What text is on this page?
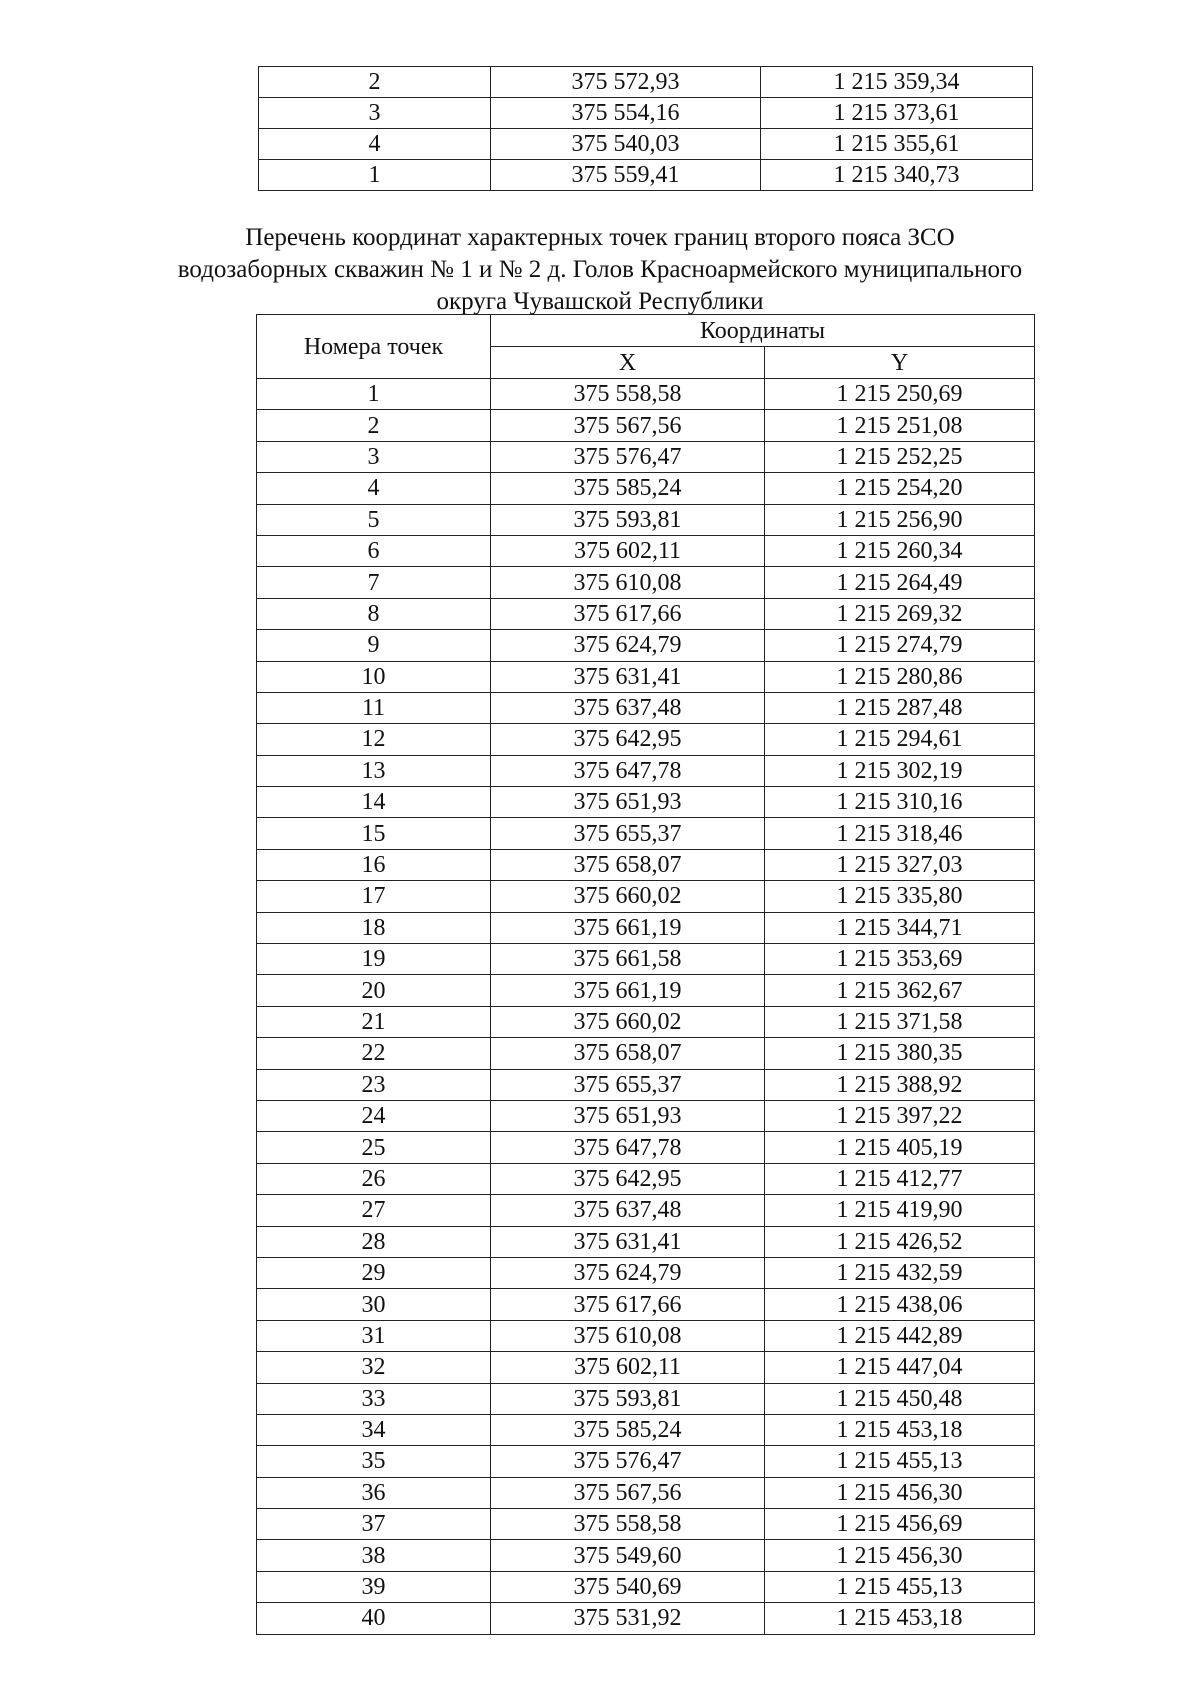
2	375 572,93	1 215 359,34
3	375 554,16	1 215 373,61
4	375 540,03	1 215 355,61
1	375 559,41	1 215 340,73
Перечень координат характерных точек границ второго пояса ЗСО
водозаборных скважин № 1 и № 2 д. Голов Красноармейского муниципального
округа Чувашской Республики
Номера точек	Координаты	
	X	Y
1	375 558,58	1 215 250,69
2	375 567,56	1 215 251,08
3	375 576,47	1 215 252,25
4	375 585,24	1 215 254,20
5	375 593,81	1 215 256,90
6	375 602,11	1 215 260,34
7	375 610,08	1 215 264,49
8	375 617,66	1 215 269,32
9	375 624,79	1 215 274,79
10	375 631,41	1 215 280,86
11	375 637,48	1 215 287,48
12	375 642,95	1 215 294,61
13	375 647,78	1 215 302,19
14	375 651,93	1 215 310,16
15	375 655,37	1 215 318,46
16	375 658,07	1 215 327,03
17	375 660,02	1 215 335,80
18	375 661,19	1 215 344,71
19	375 661,58	1 215 353,69
20	375 661,19	1 215 362,67
21	375 660,02	1 215 371,58
22	375 658,07	1 215 380,35
23	375 655,37	1 215 388,92
24	375 651,93	1 215 397,22
25	375 647,78	1 215 405,19
26	375 642,95	1 215 412,77
27	375 637,48	1 215 419,90
28	375 631,41	1 215 426,52
29	375 624,79	1 215 432,59
30	375 617,66	1 215 438,06
31	375 610,08	1 215 442,89
32	375 602,11	1 215 447,04
33	375 593,81	1 215 450,48
34	375 585,24	1 215 453,18
35	375 576,47	1 215 455,13
36	375 567,56	1 215 456,30
37	375 558,58	1 215 456,69
38	375 549,60	1 215 456,30
39	375 540,69	1 215 455,13
40	375 531,92	1 215 453,18
